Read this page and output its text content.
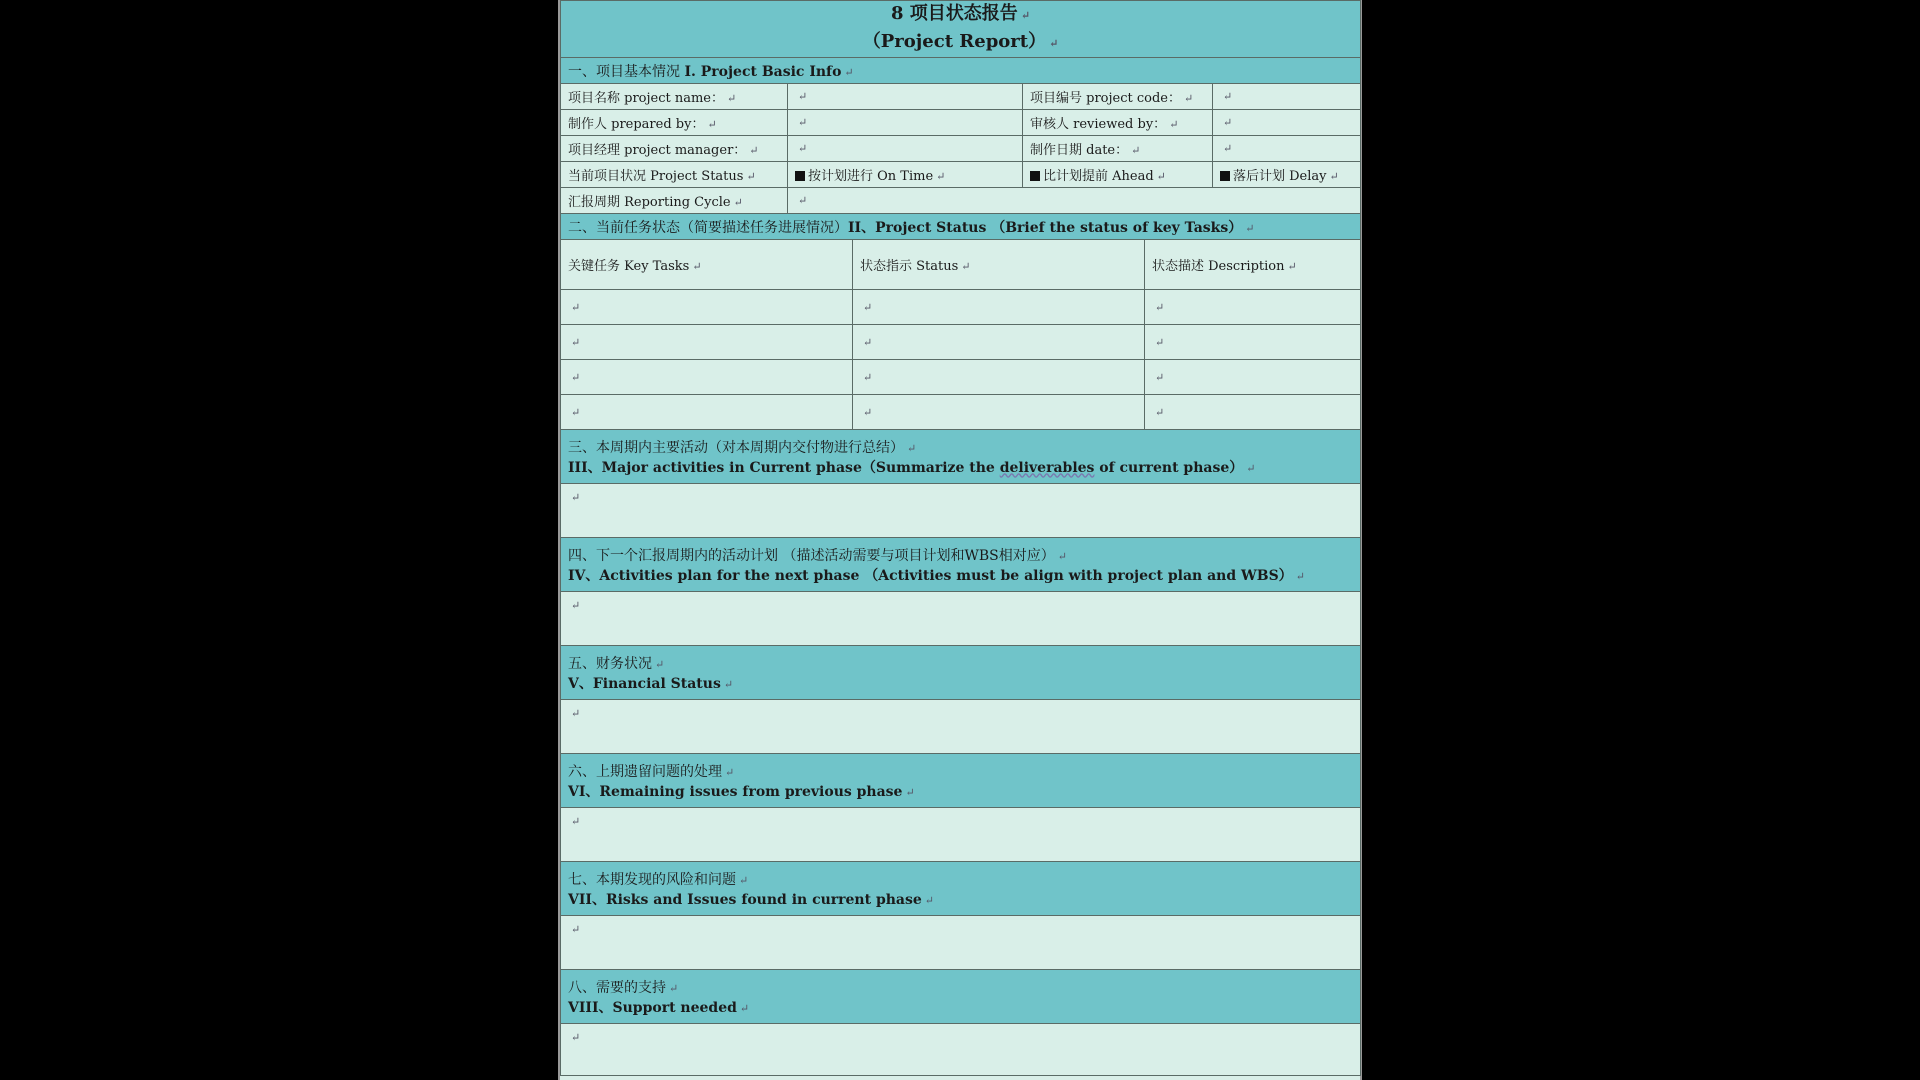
8 项目状态报告 ↵
（Project Report） ↵					

一、项目基本情况 I. Project Basic Info ↵					
项目名称 project name： ↵	↵		项目编号 project code： ↵		↵
制作人 prepared by： ↵	↵		审核人 reviewed by： ↵		↵
项目经理 project manager： ↵	↵		制作日期 date： ↵		↵
当前项目状况 Project Status ↵	按计划进行 On Time ↵		比计划提前 Ahead ↵		落后计划 Delay ↵
汇报周期 Reporting Cycle ↵	↵				
二、当前任务状态（简要描述任务进展情况）II、Project Status （Brief the status of key Tasks） ↵					
关键任务 Key Tasks ↵		状态指示 Status ↵		状态描述 Description ↵	
↵		↵		↵	
↵		↵		↵	
↵		↵		↵	
↵		↵		↵	

三、本周期内主要活动（对本周期内交付物进行总结） ↵
III、Major activities in Current phase（Summarize the deliverables of current phase） ↵					

↵					

四、下一个汇报周期内的活动计划 （描述活动需要与项目计划和WBS相对应） ↵
IV、Activities plan for the next phase （Activities must be align with project plan and WBS） ↵					

↵					

五、财务状况 ↵
V、Financial Status ↵					

↵					

六、上期遗留问题的处理 ↵
VI、Remaining issues from previous phase ↵					

↵					

七、本期发现的风险和问题 ↵
VII、Risks and Issues found in current phase ↵					

↵					

八、需要的支持 ↵
VIII、Support needed ↵					

↵					
